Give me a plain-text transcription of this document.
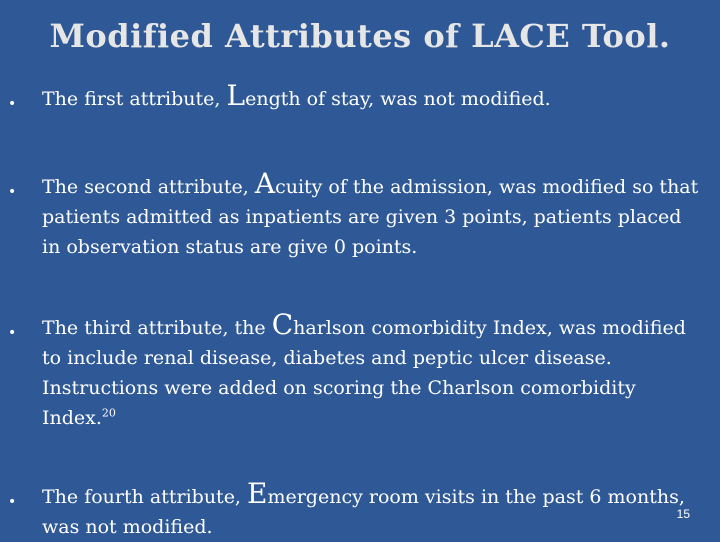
Modified Attributes of LACE Tool.
• The first attribute, Length of stay, was not modified.
• The second attribute, Acuity of the admission, was modified so that patients admitted as inpatients are given 3 points, patients placed in observation status are give 0 points.
• The third attribute, the Charlson comorbidity Index, was modified to include renal disease, diabetes and peptic ulcer disease. Instructions were added on scoring the Charlson comorbidity Index.$^{20}$
• The fourth attribute, Emergency room visits in the past 6 months, was not modified.
15
